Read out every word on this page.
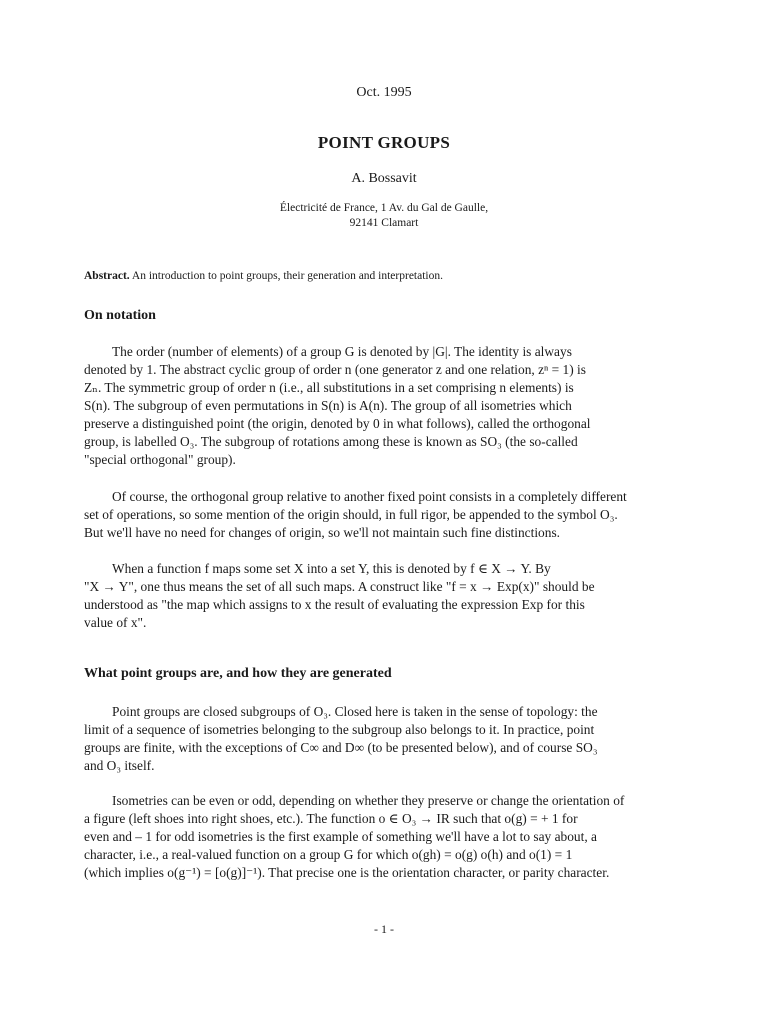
Oct. 1995
POINT GROUPS
A. Bossavit
Électricité de France, 1 Av. du Gal de Gaulle,
92141 Clamart
Abstract. An introduction to point groups, their generation and interpretation.
On notation
The order (number of elements) of a group G is denoted by |G|. The identity is always
denoted by 1. The abstract cyclic group of order n (one generator z and one relation, zⁿ = 1) is
Zₙ. The symmetric group of order n (i.e., all substitutions in a set comprising n elements) is
S(n). The subgroup of even permutations in S(n) is A(n). The group of all isometries which
preserve a distinguished point (the origin, denoted by 0 in what follows), called the orthogonal
group, is labelled O₃. The subgroup of rotations among these is known as SO₃ (the so-called
"special orthogonal" group).
Of course, the orthogonal group relative to another fixed point consists in a completely different
set of operations, so some mention of the origin should, in full rigor, be appended to the symbol O₃.
But we'll have no need for changes of origin, so we'll not maintain such fine distinctions.
When a function f maps some set X into a set Y, this is denoted by f ∈ X → Y. By
"X → Y", one thus means the set of all such maps. A construct like "f = x → Exp(x)" should be
understood as "the map which assigns to x the result of evaluating the expression Exp for this
value of x".
What point groups are, and how they are generated
Point groups are closed subgroups of O₃. Closed here is taken in the sense of topology: the
limit of a sequence of isometries belonging to the subgroup also belongs to it. In practice, point
groups are finite, with the exceptions of C∞ and D∞ (to be presented below), and of course SO₃
and O₃ itself.
Isometries can be even or odd, depending on whether they preserve or change the orientation of
a figure (left shoes into right shoes, etc.). The function o ∈ O₃ → IR such that o(g) = + 1 for
even and – 1 for odd isometries is the first example of something we'll have a lot to say about, a
character, i.e., a real-valued function on a group G for which o(gh) = o(g) o(h) and o(1) = 1
(which implies o(g⁻¹) = [o(g)]⁻¹). That precise one is the orientation character, or parity character.
- 1 -
